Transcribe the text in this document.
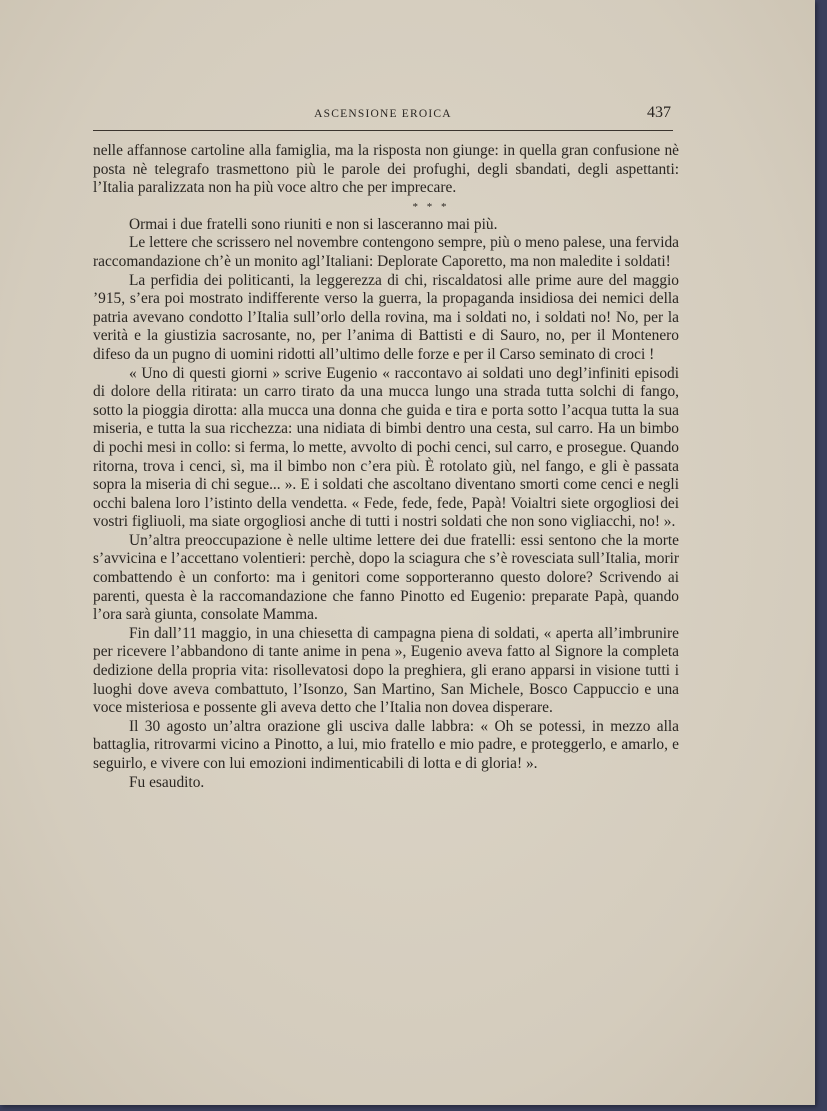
ASCENSIONE EROICA	437

nelle affannose cartoline alla famiglia, ma la risposta non giunge: in quella gran confusione nè posta nè telegrafo trasmettono più le parole dei profughi, degli sbandati, degli aspettanti: l’Italia paralizzata non ha più voce altro che per imprecare.

* * *

Ormai i due fratelli sono riuniti e non si lasceranno mai più.

Le lettere che scrissero nel novembre contengono sempre, più o meno palese, una fervida raccomandazione ch’è un monito agl’Italiani: Deplorate Caporetto, ma non maledite i soldati!

La perfidia dei politicanti, la leggerezza di chi, riscaldatosi alle prime aure del maggio ’915, s’era poi mostrato indifferente verso la guerra, la propaganda insidiosa dei nemici della patria avevano condotto l’Italia sull’orlo della rovina, ma i soldati no, i soldati no! No, per la verità e la giustizia sacrosante, no, per l’anima di Battisti e di Sauro, no, per il Montenero difeso da un pugno di uomini ridotti all’ultimo delle forze e per il Carso seminato di croci !

« Uno di questi giorni » scrive Eugenio « raccontavo ai soldati uno degl’infiniti episodi di dolore della ritirata: un carro tirato da una mucca lungo una strada tutta solchi di fango, sotto la pioggia dirotta: alla mucca una donna che guida e tira e porta sotto l’acqua tutta la sua miseria, e tutta la sua ricchezza: una nidiata di bimbi dentro una cesta, sul carro. Ha un bimbo di pochi mesi in collo: si ferma, lo mette, avvolto di pochi cenci, sul carro, e prosegue. Quando ritorna, trova i cenci, sì, ma il bimbo non c’era più. È rotolato giù, nel fango, e gli è passata sopra la miseria di chi segue... ». E i soldati che ascoltano diventano smorti come cenci e negli occhi balena loro l’istinto della vendetta. « Fede, fede, fede, Papà! Voialtri siete orgogliosi dei vostri figliuoli, ma siate orgogliosi anche di tutti i nostri soldati che non sono vigliacchi, no! ».

Un’altra preoccupazione è nelle ultime lettere dei due fratelli: essi sentono che la morte s’avvicina e l’accettano volentieri: perchè, dopo la sciagura che s’è rovesciata sull’Italia, morir combattendo è un conforto: ma i genitori come sopporteranno questo dolore? Scrivendo ai parenti, questa è la raccomandazione che fanno Pinotto ed Eugenio: preparate Papà, quando l’ora sarà giunta, consolate Mamma.

Fin dall’11 maggio, in una chiesetta di campagna piena di soldati, « aperta all’imbrunire per ricevere l’abbandono di tante anime in pena », Eugenio aveva fatto al Signore la completa dedizione della propria vita: risollevatosi dopo la preghiera, gli erano apparsi in visione tutti i luoghi dove aveva combattuto, l’Isonzo, San Martino, San Michele, Bosco Cappuccio e una voce misteriosa e possente gli aveva detto che l’Italia non dovea disperare.

Il 30 agosto un’altra orazione gli usciva dalle labbra: « Oh se potessi, in mezzo alla battaglia, ritrovarmi vicino a Pinotto, a lui, mio fratello e mio padre, e proteggerlo, e amarlo, e seguirlo, e vivere con lui emozioni indimenticabili di lotta e di gloria! ».

Fu esaudito.
